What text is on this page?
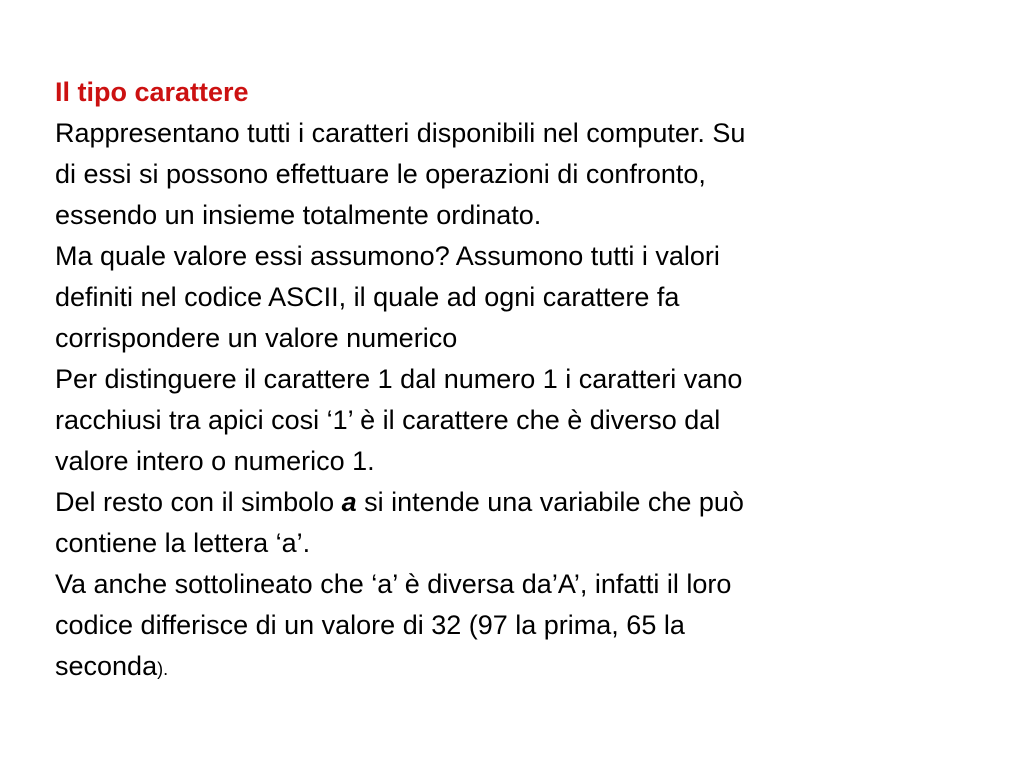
Il tipo carattere
Rappresentano tutti i caratteri disponibili nel computer. Su
di essi si possono effettuare le operazioni di confronto,
essendo un insieme totalmente ordinato.
Ma quale valore essi assumono? Assumono tutti i valori
definiti nel codice ASCII, il quale ad ogni carattere fa
corrispondere un valore numerico
Per distinguere il carattere 1 dal numero 1 i caratteri vano
racchiusi tra apici cosi ‘1’ è il carattere che è diverso dal
valore intero o numerico 1.
Del resto con il simbolo a si intende una variabile che può
contiene la lettera ‘a’.
Va anche sottolineato che ‘a’ è diversa da’A’, infatti il loro
codice differisce di un valore di 32 (97 la prima, 65 la
seconda).
